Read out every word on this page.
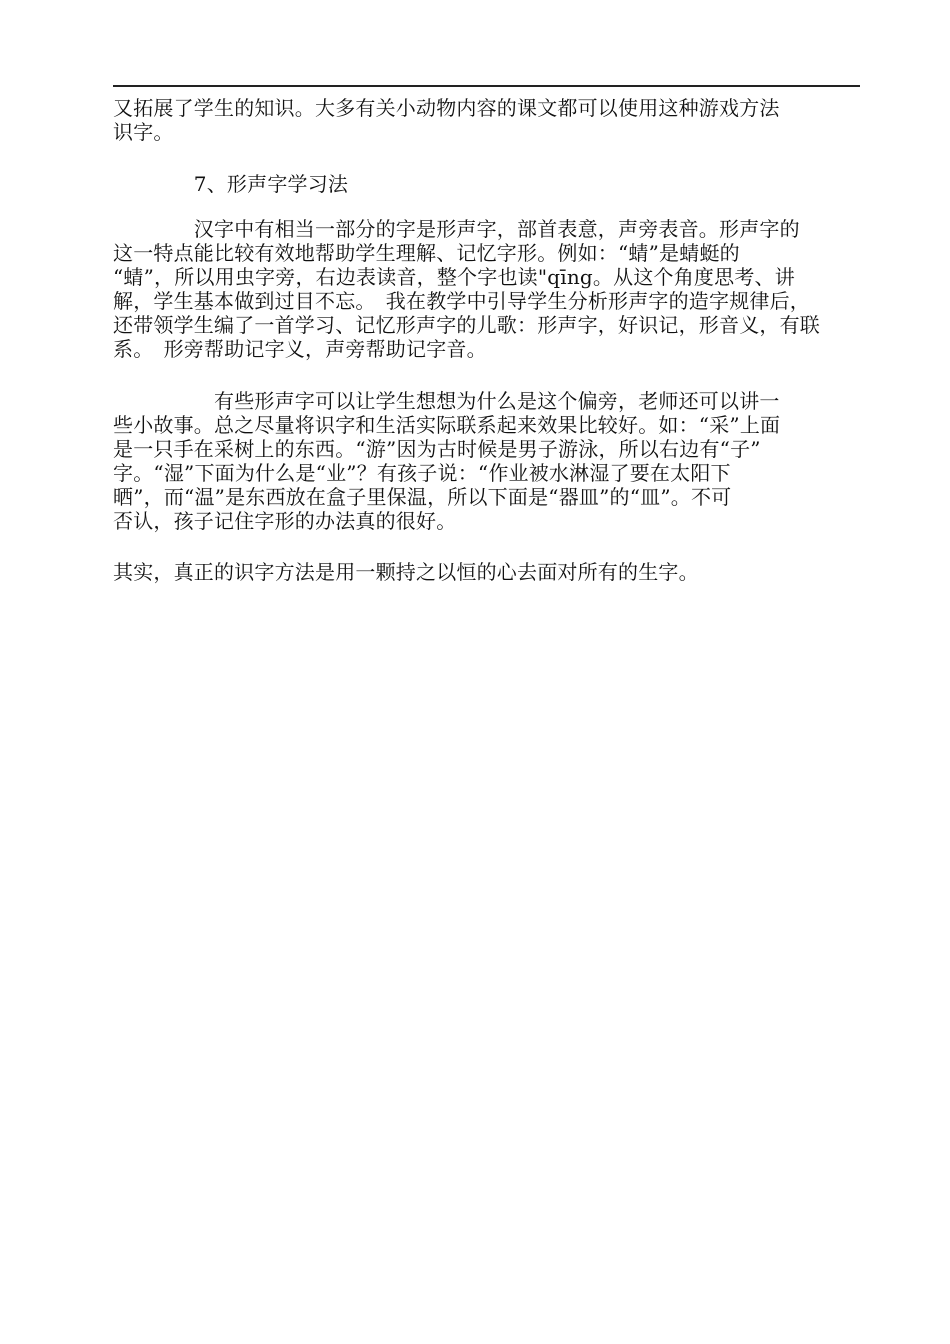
又拓展了学生的知识。大多有关小动物内容的课文都可以使用这种游戏方法
识字。
　　　　7、形声字学习法
　　　　汉字中有相当一部分的字是形声字，部首表意，声旁表音。形声字的
这一特点能比较有效地帮助学生理解、记忆字形。例如：“蜻”是蜻蜓的
“蜻”，所以用虫字旁，右边表读音，整个字也读"qīng。从这个角度思考、讲
解，学生基本做到过目不忘。　我在教学中引导学生分析形声字的造字规律后，
还带领学生编了一首学习、记忆形声字的儿歌：形声字，好识记，形音义，有联
系。　形旁帮助记字义，声旁帮助记字音。
　　　　　有些形声字可以让学生想想为什么是这个偏旁，老师还可以讲一
些小故事。总之尽量将识字和生活实际联系起来效果比较好。如：“采”上面
是一只手在采树上的东西。“游”因为古时候是男子游泳，所以右边有“子”
字。“湿”下面为什么是“业”？有孩子说：“作业被水淋湿了要在太阳下
晒”，而“温”是东西放在盒子里保温，所以下面是“器皿”的“皿”。不可
否认，孩子记住字形的办法真的很好。
其实，真正的识字方法是用一颗持之以恒的心去面对所有的生字。
